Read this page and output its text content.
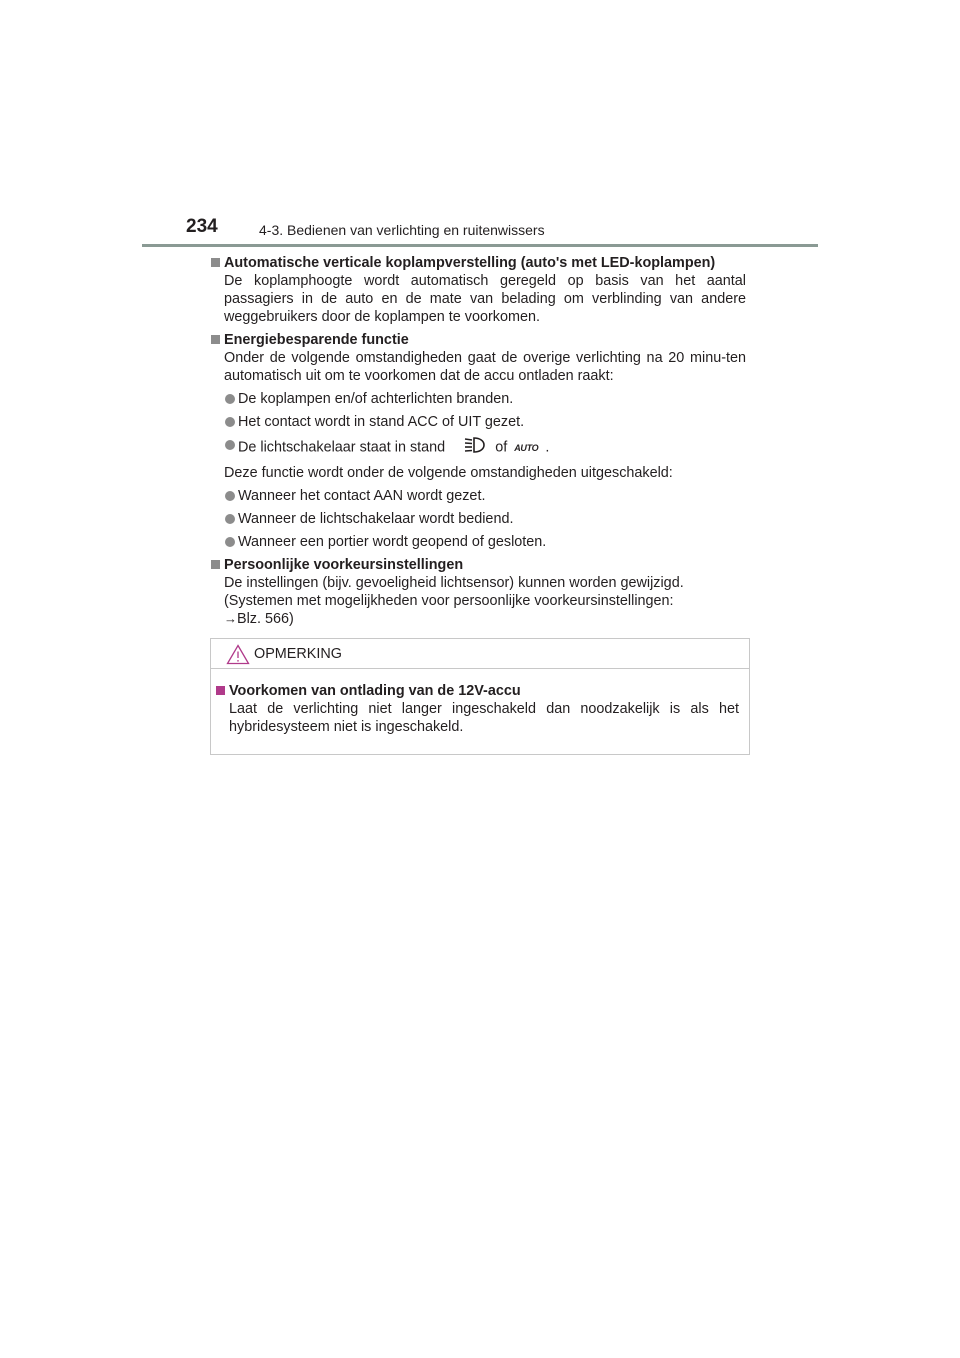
234	4-3. Bedienen van verlichting en ruitenwissers
Automatische verticale koplampverstelling (auto's met LED-koplampen)
De koplamphoogte wordt automatisch geregeld op basis van het aantal passagiers in de auto en de mate van belading om verblinding van andere weggebruikers door de koplampen te voorkomen.
Energiebesparende functie
Onder de volgende omstandigheden gaat de overige verlichting na 20 minu-ten automatisch uit om te voorkomen dat de accu ontladen raakt:
De koplampen en/of achterlichten branden.
Het contact wordt in stand ACC of UIT gezet.
De lichtschakelaar staat in stand	of AUTO .
Deze functie wordt onder de volgende omstandigheden uitgeschakeld:
Wanneer het contact AAN wordt gezet.
Wanneer de lichtschakelaar wordt bediend.
Wanneer een portier wordt geopend of gesloten.
Persoonlijke voorkeursinstellingen
De instellingen (bijv. gevoeligheid lichtsensor) kunnen worden gewijzigd.
(Systemen met mogelijkheden voor persoonlijke voorkeursinstellingen:
→Blz. 566)
OPMERKING
Voorkomen van ontlading van de 12V-accu
Laat de verlichting niet langer ingeschakeld dan noodzakelijk is als het hybridesysteem niet is ingeschakeld.
